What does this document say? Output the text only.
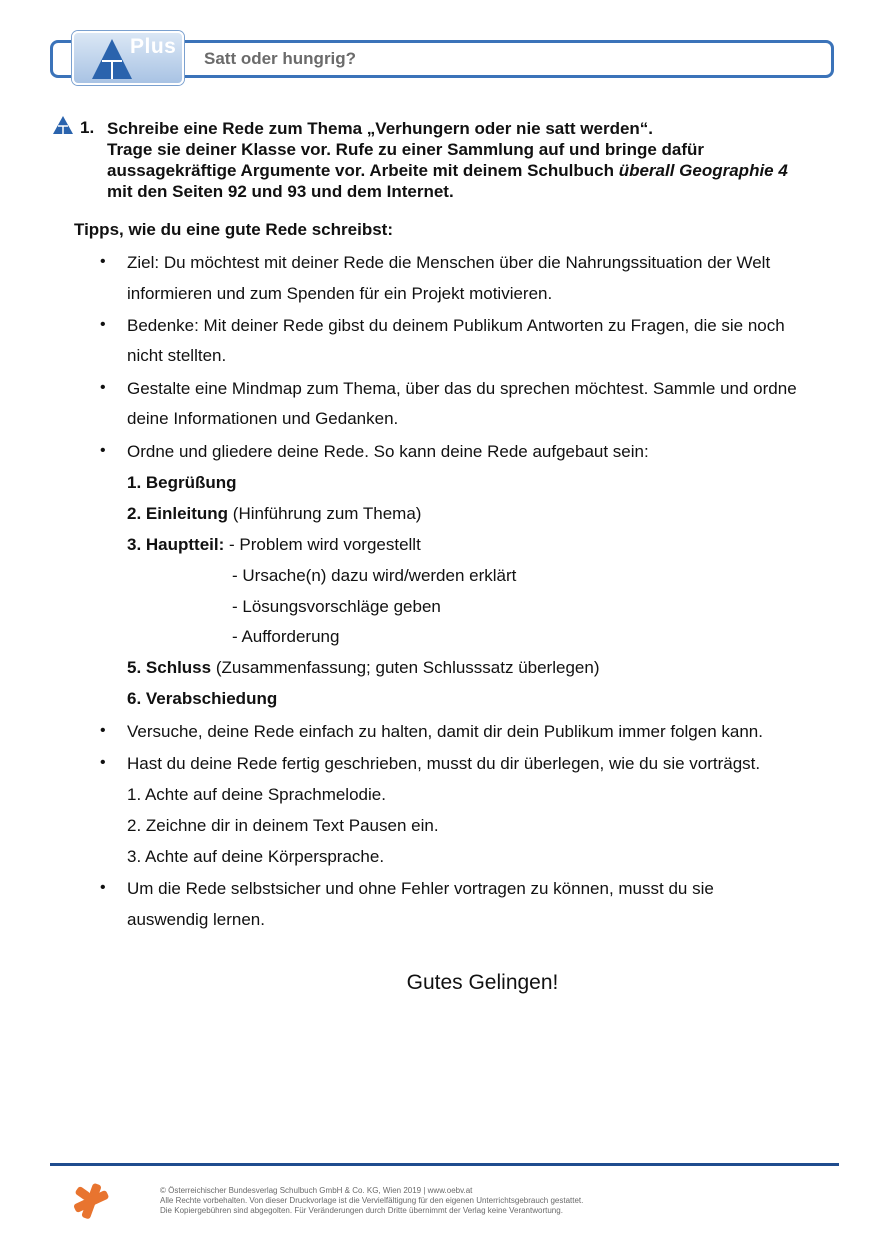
Plus
Satt oder hungrig?
1. Schreibe eine Rede zum Thema „Verhungern oder nie satt werden“.
Trage sie deiner Klasse vor. Rufe zu einer Sammlung auf und bringe dafür
aussagekräftige Argumente vor. Arbeite mit deinem Schulbuch überall Geographie 4
mit den Seiten 92 und 93 und dem Internet.
Tipps, wie du eine gute Rede schreibst:
• Ziel: Du möchtest mit deiner Rede die Menschen über die Nahrungssituation der Welt
informieren und zum Spenden für ein Projekt motivieren.
• Bedenke: Mit deiner Rede gibst du deinem Publikum Antworten zu Fragen, die sie noch
nicht stellten.
• Gestalte eine Mindmap zum Thema, über das du sprechen möchtest. Sammle und ordne
deine Informationen und Gedanken.
• Ordne und gliedere deine Rede. So kann deine Rede aufgebaut sein:
1. Begrüßung
2. Einleitung (Hinführung zum Thema)
3. Hauptteil: - Problem wird vorgestellt
- Ursache(n) dazu wird/werden erklärt
- Lösungsvorschläge geben
- Aufforderung
5. Schluss (Zusammenfassung; guten Schlusssatz überlegen)
6. Verabschiedung
• Versuche, deine Rede einfach zu halten, damit dir dein Publikum immer folgen kann.
• Hast du deine Rede fertig geschrieben, musst du dir überlegen, wie du sie vorträgst.
1. Achte auf deine Sprachmelodie.
2. Zeichne dir in deinem Text Pausen ein.
3. Achte auf deine Körpersprache.
• Um die Rede selbstsicher und ohne Fehler vortragen zu können, musst du sie
auswendig lernen.
Gutes Gelingen!
© Österreichischer Bundesverlag Schulbuch GmbH & Co. KG, Wien 2019 | www.oebv.at
Alle Rechte vorbehalten. Von dieser Druckvorlage ist die Vervielfältigung für den eigenen Unterrichtsgebrauch gestattet.
Die Kopiergebühren sind abgegolten. Für Veränderungen durch Dritte übernimmt der Verlag keine Verantwortung.
